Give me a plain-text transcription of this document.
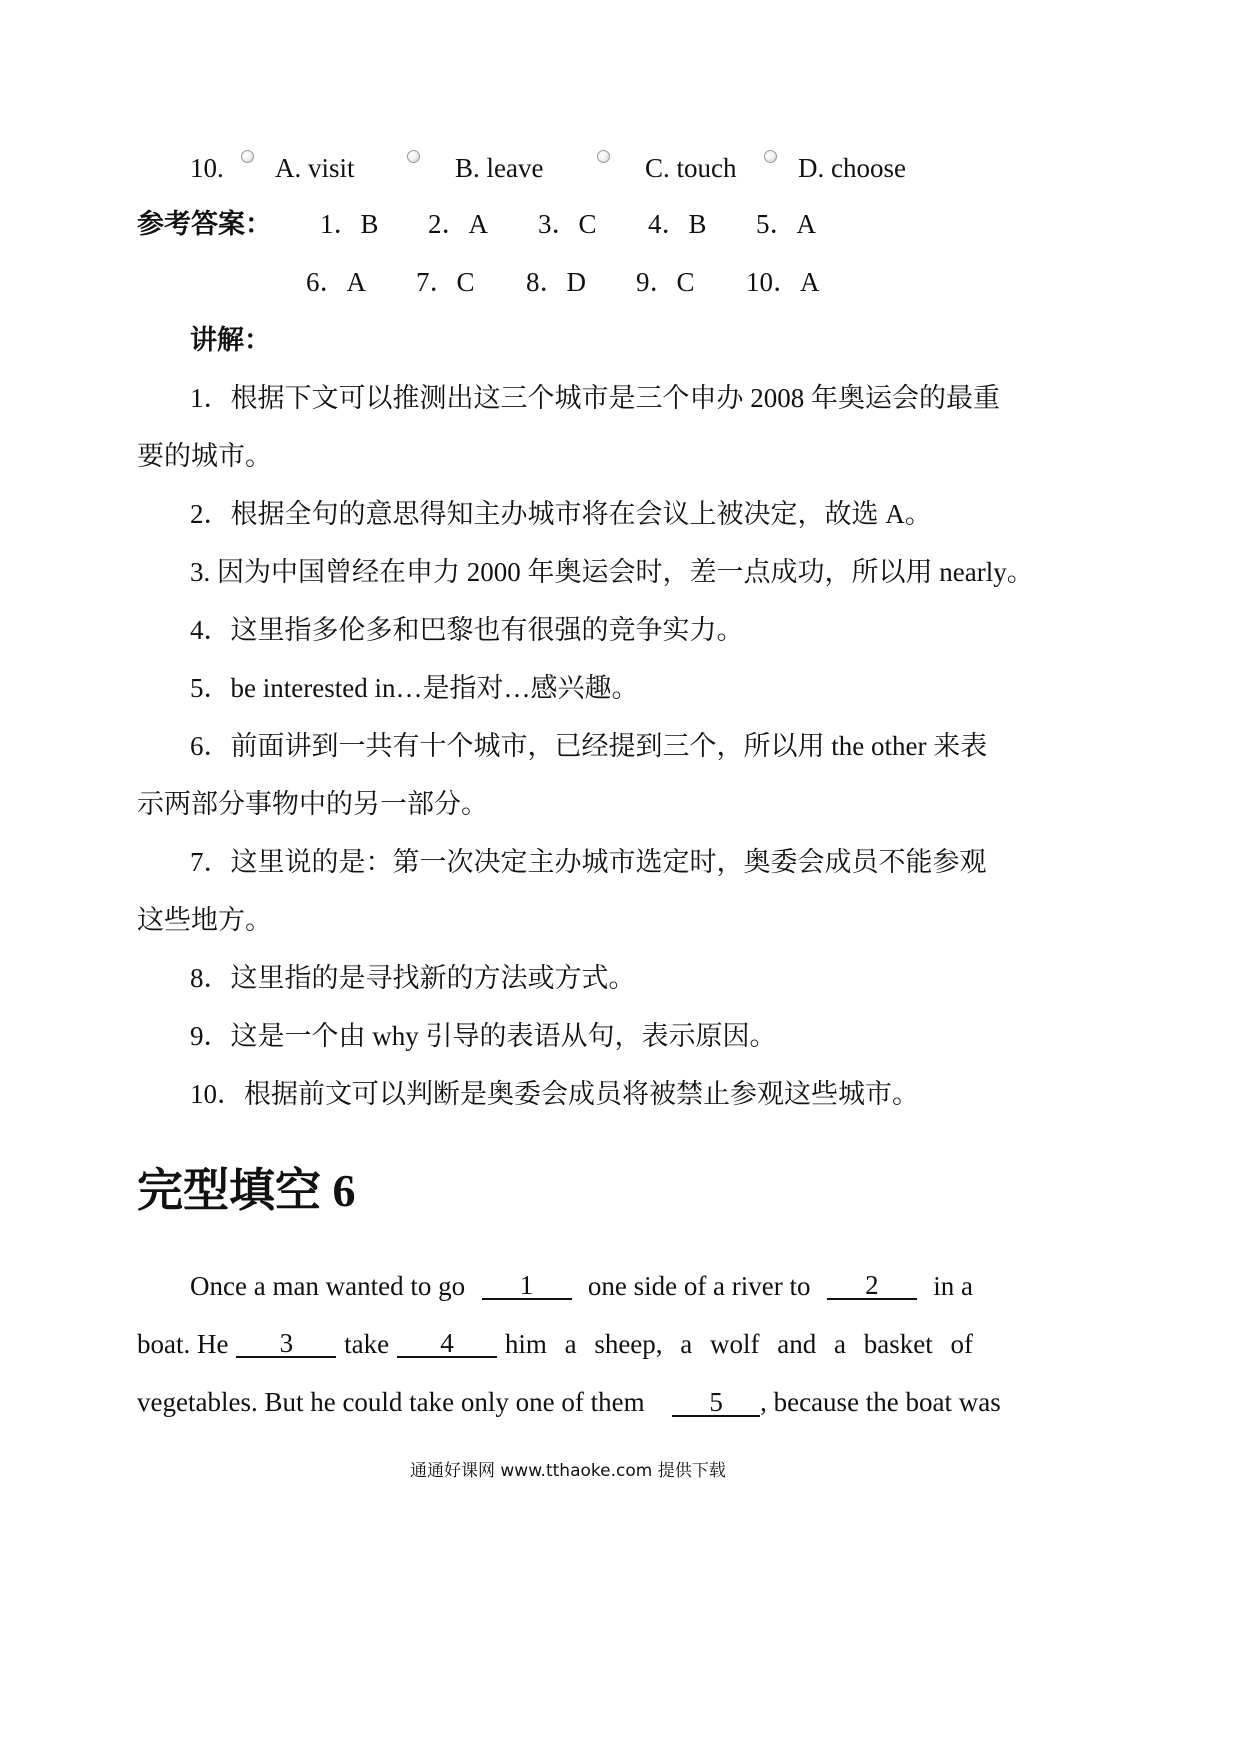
10. A. visit	B. leave	C. touch D. choose
参考答案： 1．B 2．A 3．C 4．B 5．A
6．A 7．C 8．D 9．C 10．A
讲解：
1．根据下文可以推测出这三个城市是三个申办 2008 年奥运会的最重
要的城市。
2．根据全句的意思得知主办城市将在会议上被决定，故选 A。
3. 因为中国曾经在申力 2000 年奥运会时，差一点成功，所以用 nearly。
4．这里指多伦多和巴黎也有很强的竞争实力。
5．be interested in…是指对…感兴趣。
6．前面讲到一共有十个城市，已经提到三个，所以用 the other 来表
示两部分事物中的另一部分。
7．这里说的是：第一次决定主办城市选定时，奥委会成员不能参观
这些地方。
8．这里指的是寻找新的方法或方式。
9．这是一个由 why 引导的表语从句，表示原因。
10．根据前文可以判断是奥委会成员将被禁止参观这些城市。
完型填空 6
Once a man wanted to go	1	one side of a river to	2	in a
boat. He	3	take	4	him a sheep, a wolf and a basket of
vegetables. But he could take only one of them 5 , because the boat was
通通好课网 www.tthaoke.com 提供下载
